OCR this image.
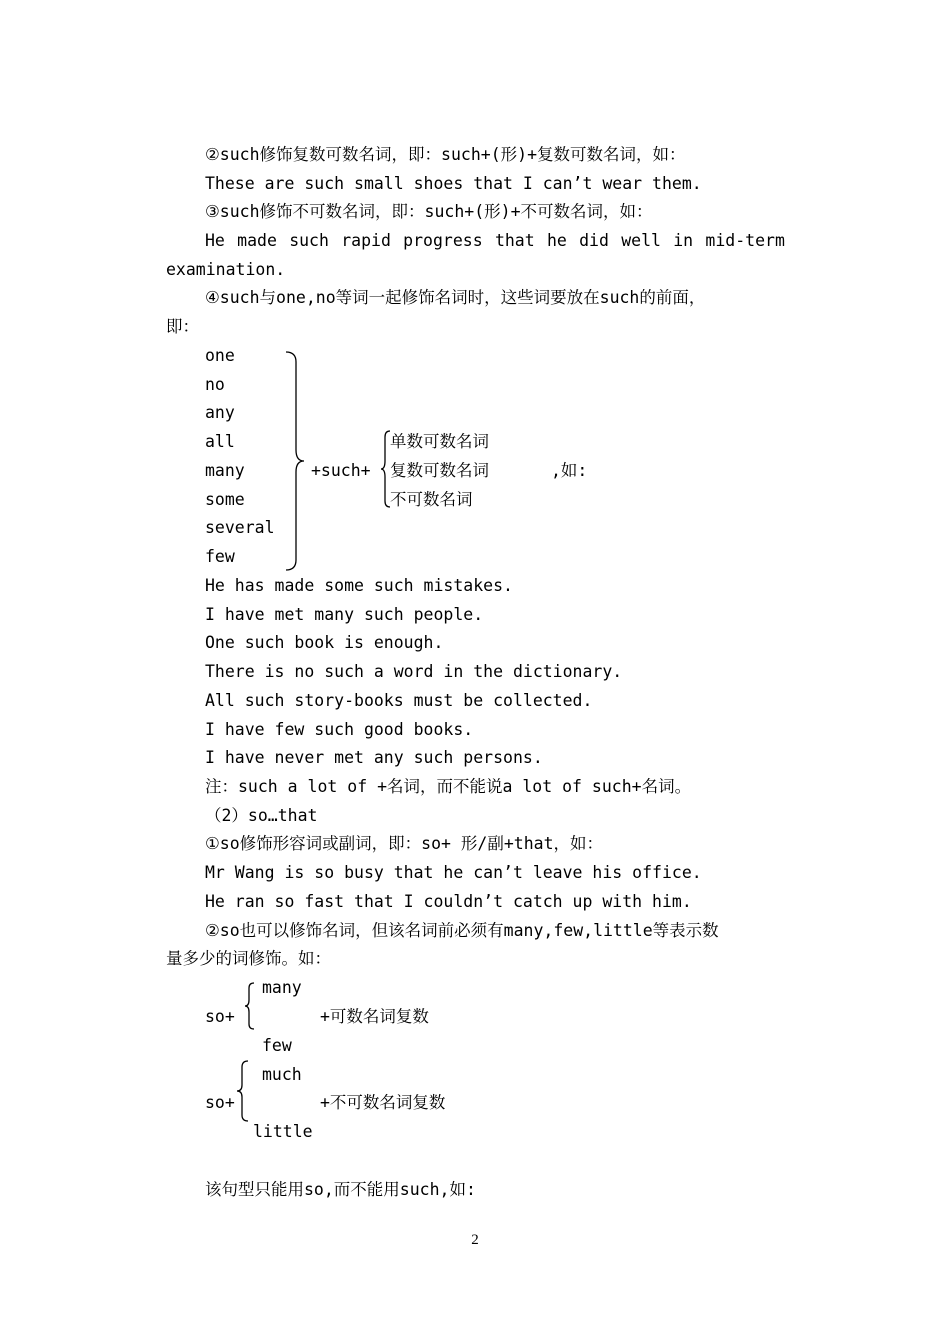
②such修饰复数可数名词，即：such+(形)+复数可数名词，如：
These are such small shoes that I can’t wear them.
③such修饰不可数名词，即：such+(形)+不可数名词，如：
He made such rapid progress that he did well in mid-term
examination.
④such与one,no等词一起修饰名词时，这些词要放在such的前面，
即：
one
no
any
all
many
some
several
few
+such+
单数可数名词
复数可数名词
不可数名词
,如:
He has made some such mistakes.
I have met many such people.
One such book is enough.
There is no such a word in the dictionary.
All such story-books must be collected.
I have few such good books.
I have never met any such persons.
注：such a lot of +名词，而不能说a lot of such+名词。
（2）so…that
①so修饰形容词或副词，即：so+ 形/副+that，如：
Mr Wang is so busy that he can’t leave his office.
He ran so fast that I couldn’t catch up with him.
②so也可以修饰名词，但该名词前必须有many,few,little等表示数
量多少的词修饰。如：
many
so+	+可数名词复数
few
much
so+	+不可数名词复数
little
该句型只能用so,而不能用such,如:
2
